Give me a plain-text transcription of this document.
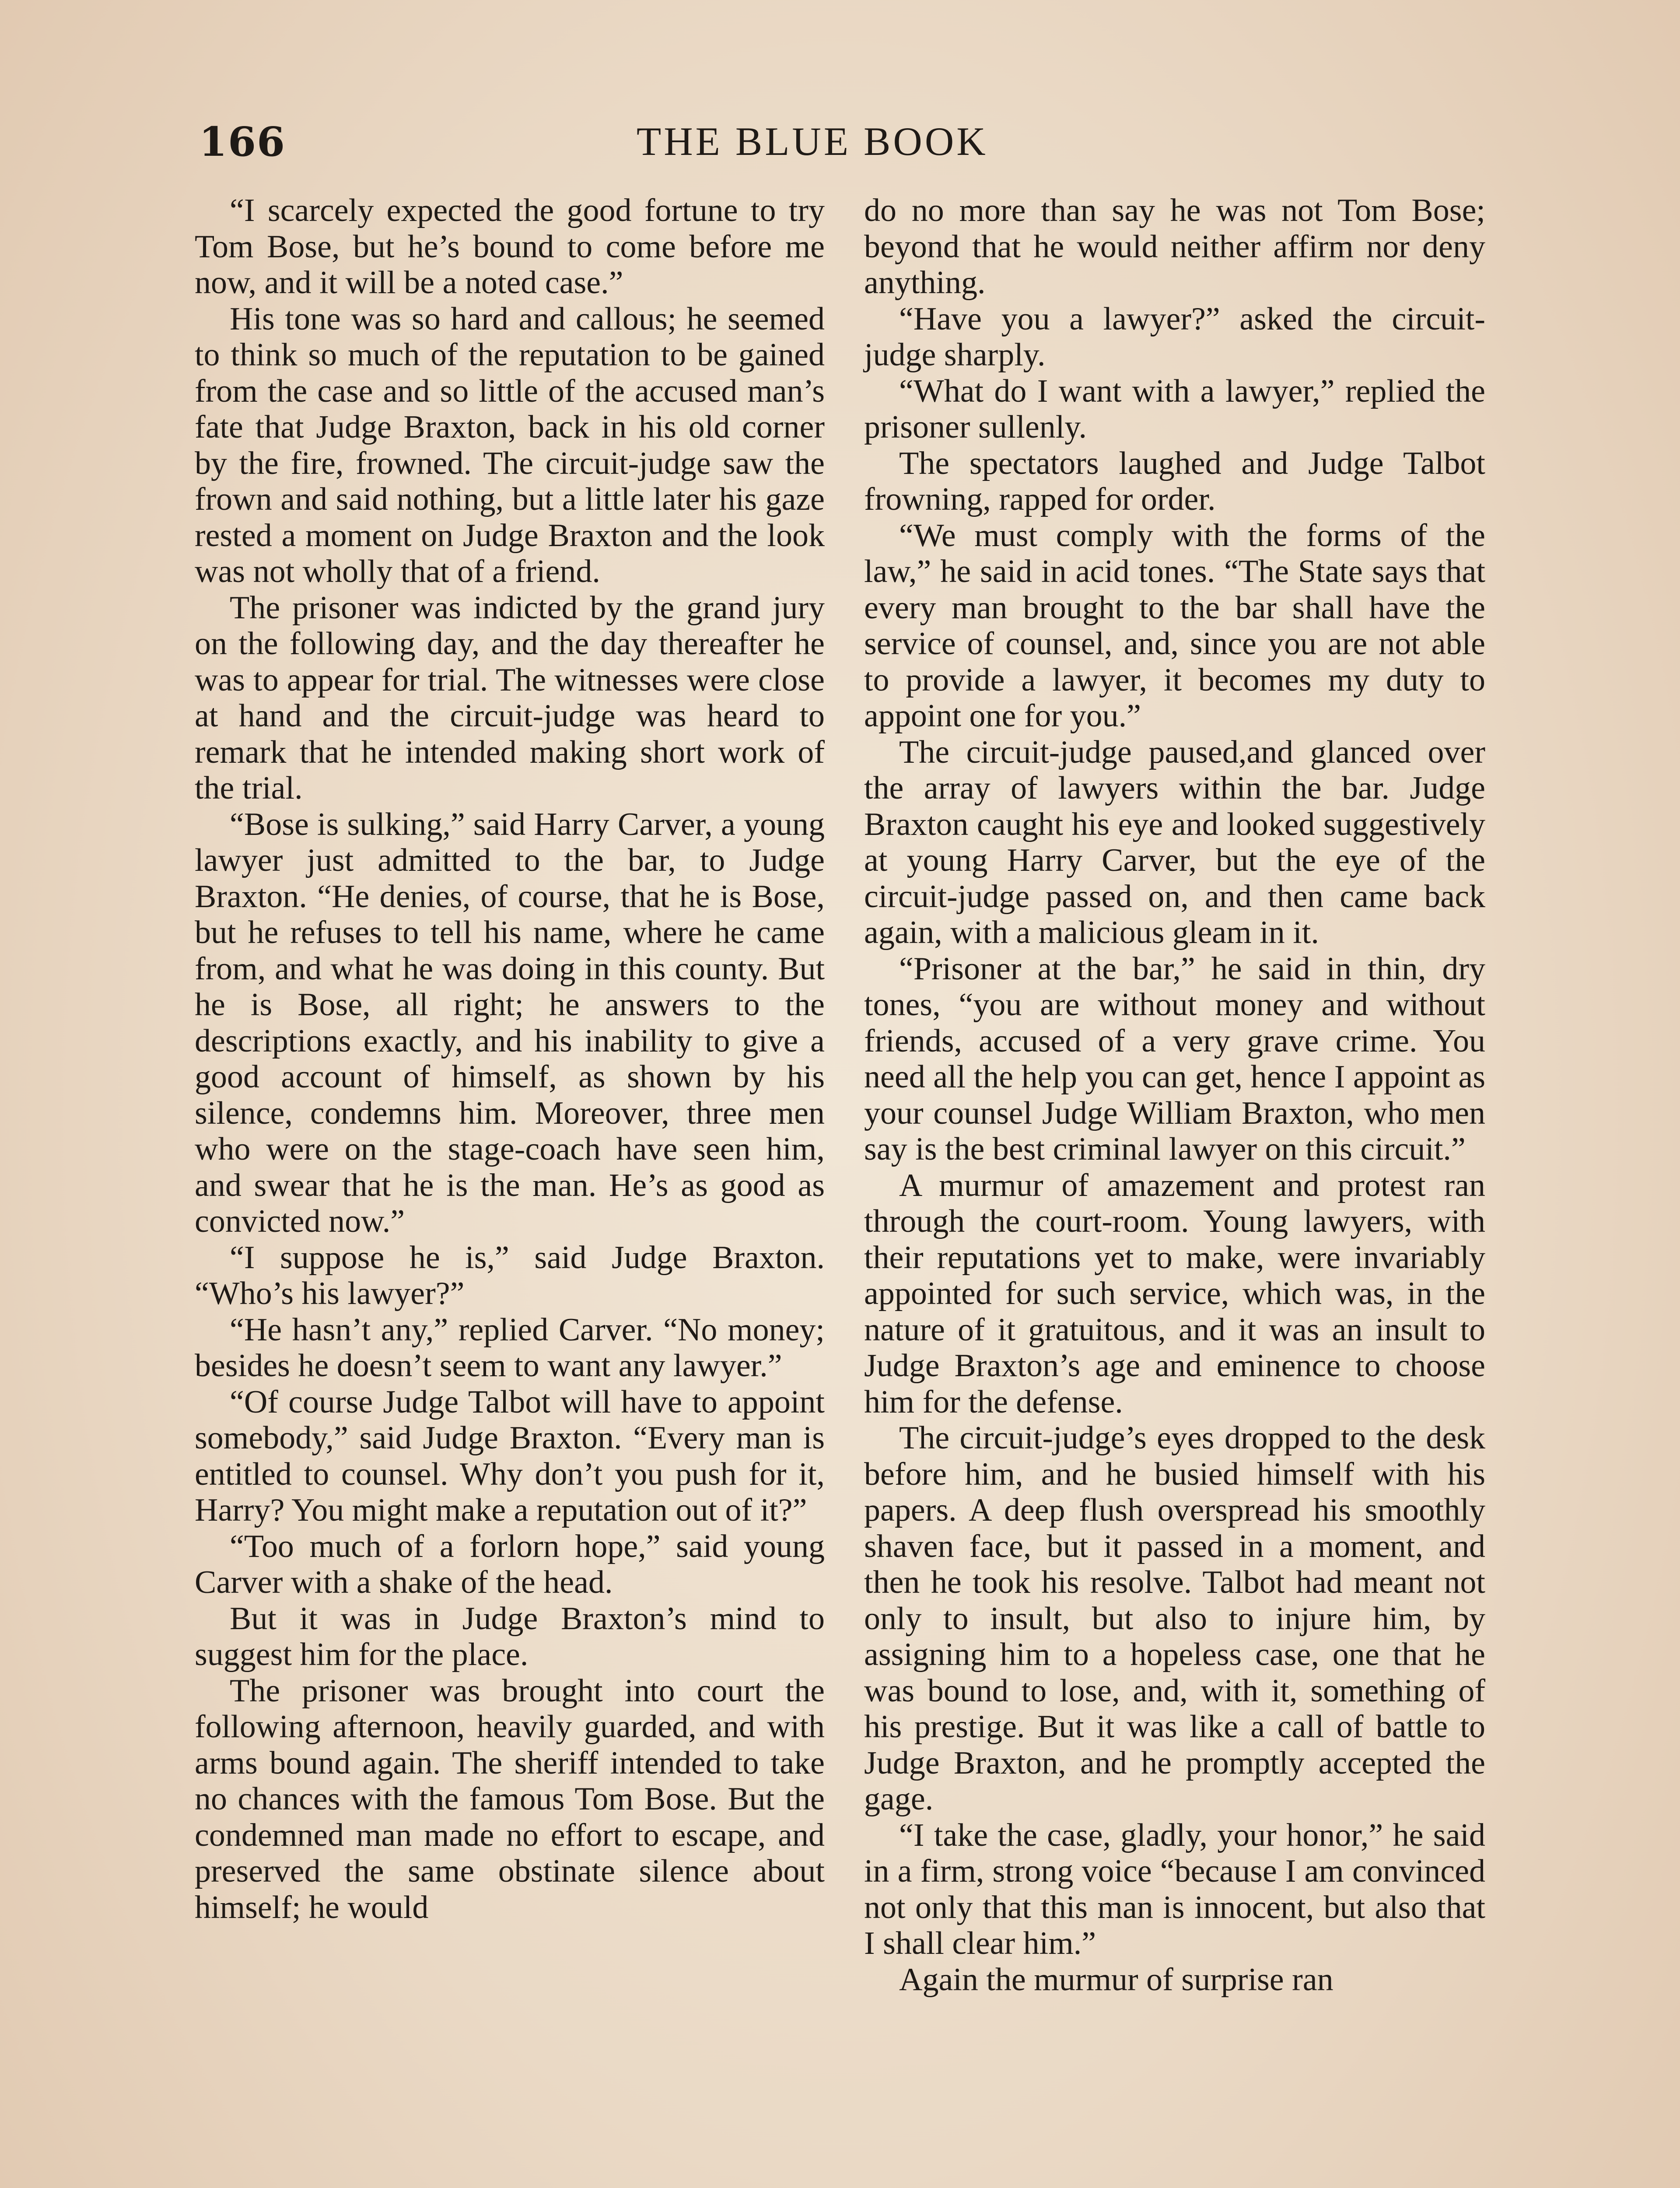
166	THE BLUE BOOK

“I scarcely expected the good fortune to try Tom Bose, but he’s bound to come before me now, and it will be a noted case.”

His tone was so hard and callous; he seemed to think so much of the reputation to be gained from the case and so little of the accused man’s fate that Judge Braxton, back in his old corner by the fire, frowned. The circuit-judge saw the frown and said nothing, but a little later his gaze rested a moment on Judge Braxton and the look was not wholly that of a friend.

The prisoner was indicted by the grand jury on the following day, and the day thereafter he was to appear for trial. The witnesses were close at hand and the circuit-judge was heard to remark that he intended making short work of the trial.

“Bose is sulking,” said Harry Carver, a young lawyer just admitted to the bar, to Judge Braxton. “He denies, of course, that he is Bose, but he refuses to tell his name, where he came from, and what he was doing in this county. But he is Bose, all right; he answers to the descriptions exactly, and his inability to give a good account of himself, as shown by his silence, condemns him. Moreover, three men who were on the stage-coach have seen him, and swear that he is the man. He’s as good as convicted now.”

“I suppose he is,” said Judge Braxton. “Who’s his lawyer?”

“He hasn’t any,” replied Carver. “No money; besides he doesn’t seem to want any lawyer.”

“Of course Judge Talbot will have to appoint somebody,” said Judge Braxton. “Every man is entitled to counsel. Why don’t you push for it, Harry? You might make a reputation out of it?”

“Too much of a forlorn hope,” said young Carver with a shake of the head.

But it was in Judge Braxton’s mind to suggest him for the place.

The prisoner was brought into court the following afternoon, heavily guarded, and with arms bound again. The sheriff intended to take no chances with the famous Tom Bose. But the condemned man made no effort to escape, and preserved the same obstinate silence about himself; he would

do no more than say he was not Tom Bose; beyond that he would neither affirm nor deny anything.

“Have you a lawyer?” asked the circuit-judge sharply.

“What do I want with a lawyer,” replied the prisoner sullenly.

The spectators laughed and Judge Talbot frowning, rapped for order.

“We must comply with the forms of the law,” he said in acid tones. “The State says that every man brought to the bar shall have the service of counsel, and, since you are not able to provide a lawyer, it becomes my duty to appoint one for you.”

The circuit-judge paused,and glanced over the array of lawyers within the bar. Judge Braxton caught his eye and looked suggestively at young Harry Carver, but the eye of the circuit-judge passed on, and then came back again, with a malicious gleam in it.

“Prisoner at the bar,” he said in thin, dry tones, “you are without money and without friends, accused of a very grave crime. You need all the help you can get, hence I appoint as your counsel Judge William Braxton, who men say is the best criminal lawyer on this circuit.”

A murmur of amazement and protest ran through the court-room. Young lawyers, with their reputations yet to make, were invariably appointed for such service, which was, in the nature of it gratuitous, and it was an insult to Judge Braxton’s age and eminence to choose him for the defense.

The circuit-judge’s eyes dropped to the desk before him, and he busied himself with his papers. A deep flush overspread his smoothly shaven face, but it passed in a moment, and then he took his resolve. Talbot had meant not only to insult, but also to injure him, by assigning him to a hopeless case, one that he was bound to lose, and, with it, something of his prestige. But it was like a call of battle to Judge Braxton, and he promptly accepted the gage.

“I take the case, gladly, your honor,” he said in a firm, strong voice “because I am convinced not only that this man is innocent, but also that I shall clear him.”

Again the murmur of surprise ran
